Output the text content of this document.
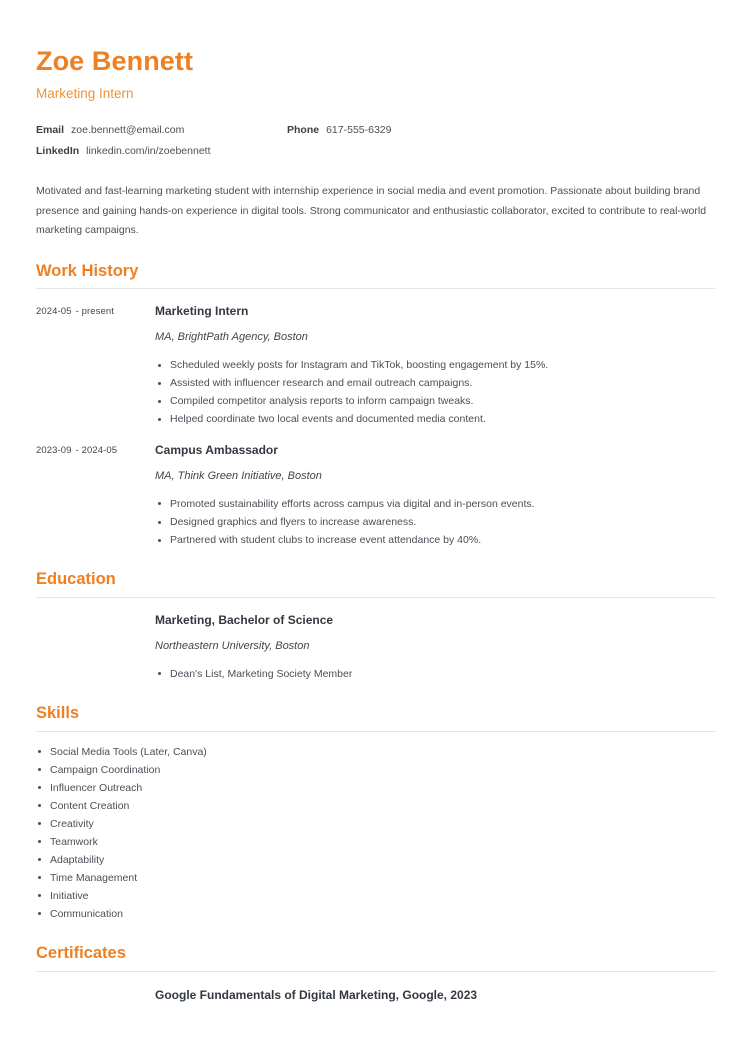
Zoe Bennett
Marketing Intern
Email zoe.bennett@email.com	Phone 617-555-6329
LinkedIn linkedin.com/in/zoebennett
Motivated and fast-learning marketing student with internship experience in social media and event promotion. Passionate about building brand presence and gaining hands-on experience in digital tools. Strong communicator and enthusiastic collaborator, excited to contribute to real-world marketing campaigns.
Work History
2024-05 - present	Marketing Intern
MA, BrightPath Agency, Boston
Scheduled weekly posts for Instagram and TikTok, boosting engagement by 15%.
Assisted with influencer research and email outreach campaigns.
Compiled competitor analysis reports to inform campaign tweaks.
Helped coordinate two local events and documented media content.
2023-09 - 2024-05	Campus Ambassador
MA, Think Green Initiative, Boston
Promoted sustainability efforts across campus via digital and in-person events.
Designed graphics and flyers to increase awareness.
Partnered with student clubs to increase event attendance by 40%.
Education
Marketing, Bachelor of Science
Northeastern University, Boston
Dean's List, Marketing Society Member
Skills
Social Media Tools (Later, Canva)
Campaign Coordination
Influencer Outreach
Content Creation
Creativity
Teamwork
Adaptability
Time Management
Initiative
Communication
Certificates
Google Fundamentals of Digital Marketing, Google, 2023
